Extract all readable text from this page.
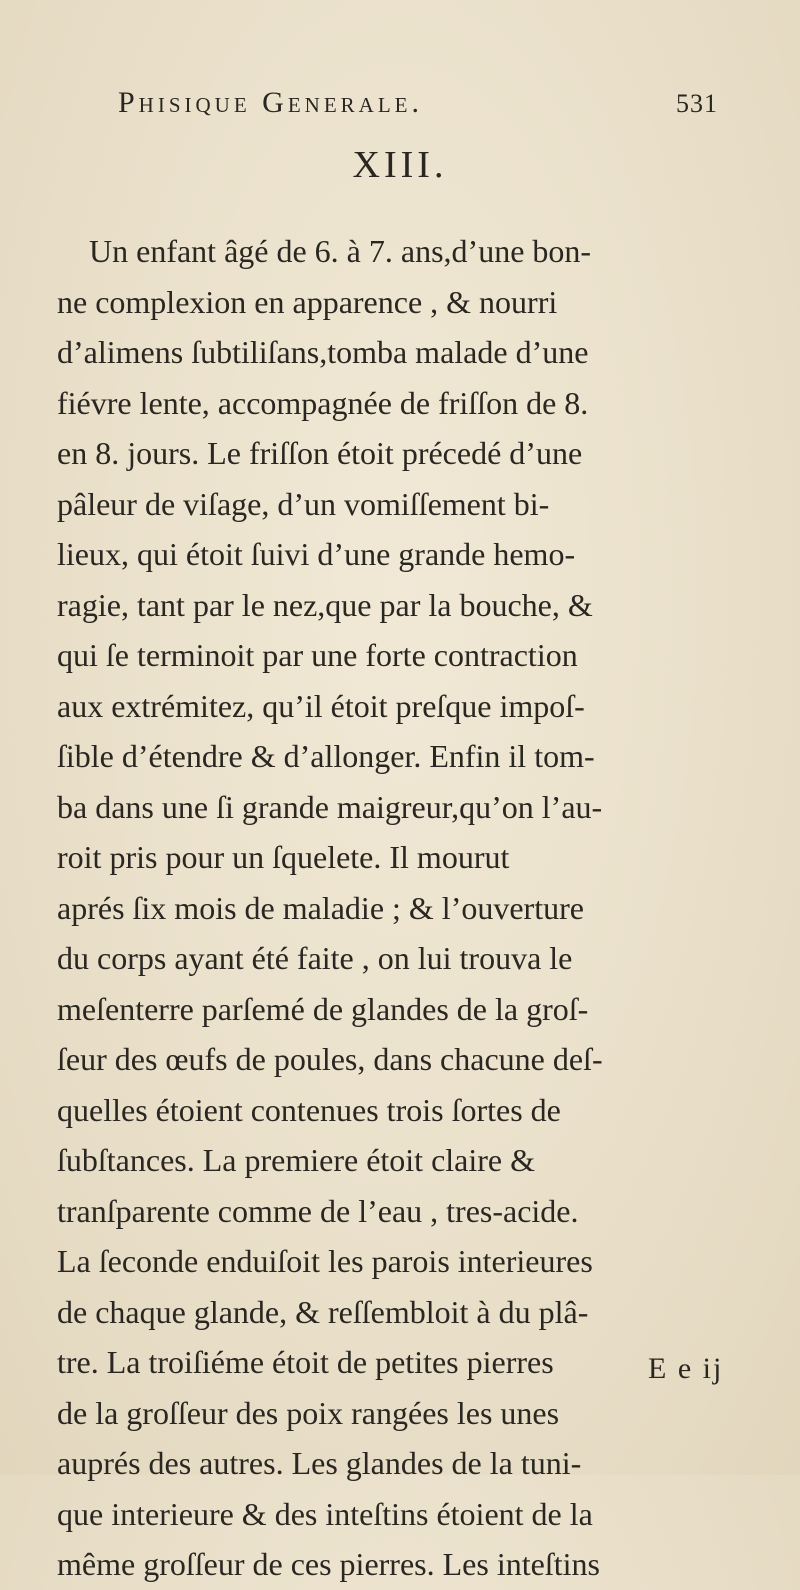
Phisique Generale.	531
XIII.
Un enfant âgé de 6. à 7. ans,d’une bon-
ne complexion en apparence , & nourri
d’alimens ſubtiliſans,tomba malade d’une
fiévre lente, accompagnée de friſſon de 8.
en 8. jours. Le friſſon étoit précedé d’une
pâleur de viſage, d’un vomiſſement bi-
lieux, qui étoit ſuivi d’une grande hemo-
ragie, tant par le nez,que par la bouche, &
qui ſe terminoit par une forte contraction
aux extrémitez, qu’il étoit preſque impoſ-
ſible d’étendre & d’allonger. Enfin il tom-
ba dans une ſi grande maigreur,qu’on l’au-
roit pris pour un ſquelete. Il mourut
aprés ſix mois de maladie ; & l’ouverture
du corps ayant été faite , on lui trouva le
meſenterre parſemé de glandes de la groſ-
ſeur des œufs de poules, dans chacune deſ-
quelles étoient contenues trois ſortes de
ſubſtances. La premiere étoit claire &
tranſparente comme de l’eau , tres-acide.
La ſeconde enduiſoit les parois interieures
de chaque glande, & reſſembloit à du plâ-
tre. La troiſiéme étoit de petites pierres
de la groſſeur des poix rangées les unes
auprés des autres. Les glandes de la tuni-
que interieure & des inteſtins étoient de la
même groſſeur de ces pierres. Les inteſtins
E e ij
